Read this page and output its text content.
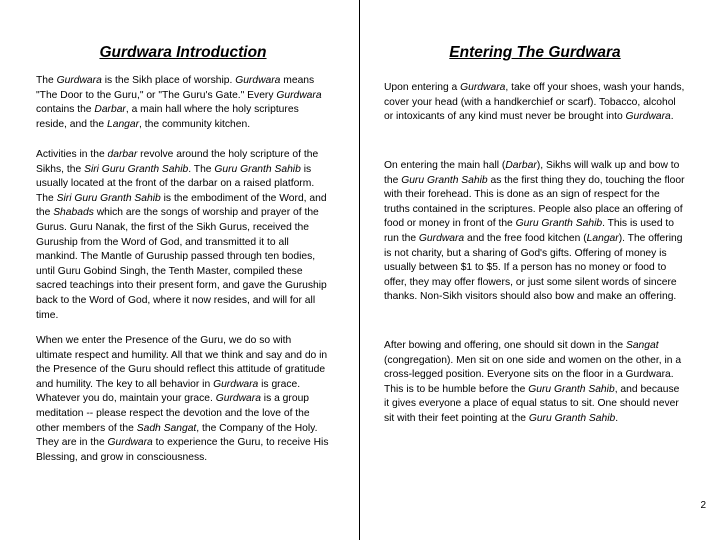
Gurdwara Introduction

The Gurdwara is the Sikh place of worship. Gurdwara means "The Door to the Guru," or "The Guru's Gate." Every Gurdwara contains the Darbar, a main hall where the holy scriptures reside, and the Langar, the community kitchen.

Activities in the darbar revolve around the holy scripture of the Sikhs, the Siri Guru Granth Sahib. The Guru Granth Sahib is usually located at the front of the darbar on a raised platform. The Siri Guru Granth Sahib is the embodiment of the Word, and the Shabads which are the songs of worship and prayer of the Gurus. Guru Nanak, the first of the Sikh Gurus, received the Guruship from the Word of God, and transmitted it to all mankind. The Mantle of Guruship passed through ten bodies, until Guru Gobind Singh, the Tenth Master, compiled these sacred teachings into their present form, and gave the Guruship back to the Word of God, where it now resides, and will for all time.

When we enter the Presence of the Guru, we do so with ultimate respect and humility. All that we think and say and do in the Presence of the Guru should reflect this attitude of gratitude and humility. The key to all behavior in Gurdwara is grace. Whatever you do, maintain your grace. Gurdwara is a group meditation -- please respect the devotion and the love of the other members of the Sadh Sangat, the Company of the Holy. They are in the Gurdwara to experience the Guru, to receive His Blessing, and grow in consciousness.

Entering The Gurdwara

Upon entering a Gurdwara, take off your shoes, wash your hands, cover your head (with a handkerchief or scarf). Tobacco, alcohol or intoxicants of any kind must never be brought into Gurdwara.

On entering the main hall (Darbar), Sikhs will walk up and bow to the Guru Granth Sahib as the first thing they do, touching the floor with their forehead. This is done as an sign of respect for the truths contained in the scriptures. People also place an offering of food or money in front of the Guru Granth Sahib. This is used to run the Gurdwara and the free food kitchen (Langar). The offering is not charity, but a sharing of God's gifts. Offering of money is usually between $1 to $5. If a person has no money or food to offer, they may offer flowers, or just some silent words of sincere thanks. Non-Sikh visitors should also bow and make an offering.

After bowing and offering, one should sit down in the Sangat (congregation). Men sit on one side and women on the other, in a cross-legged position. Everyone sits on the floor in a Gurdwara. This is to be humble before the Guru Granth Sahib, and because it gives everyone a place of equal status to sit. One should never sit with their feet pointing at the Guru Granth Sahib.

2
